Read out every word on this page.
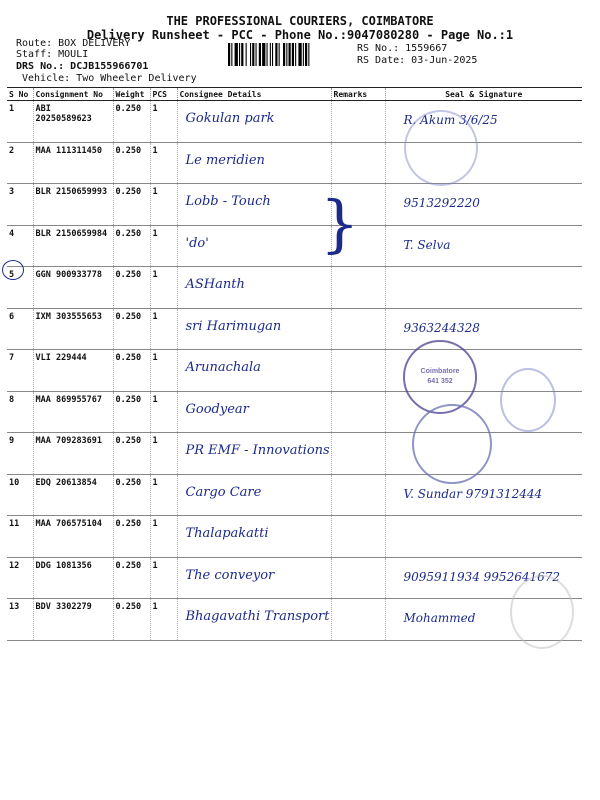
THE PROFESSIONAL COURIERS, COIMBATORE
Delivery Runsheet - PCC - Phone No.:9047080280 - Page No.:1
Route: BOX DELIVERY
Staff: MOULI
DRS No.: DCJB155966701
Vehicle: Two Wheeler Delivery
RS No.: 1559667
RS Date: 03-Jun-2025
S No	Consignment No	Weight	PCS	Consignee Details	Remarks	Seal & Signature
1	ABI 20250589623	0.250	1	Gokulan park		R. Akum 3/6/25

2	MAA 111311450	0.250	1	Le meridien		

3	BLR 2150659993	0.250	1	Lobb - Touch		9513292220

4	BLR 2150659984	0.250	1	'do'		T. Selva

5	GGN 900933778	0.250	1	ASHanth		

6	IXM 303555653	0.250	1	sri Harimugan		9363244328

7	VLI 229444	0.250	1	Arunachala		

8	MAA 869955767	0.250	1	Goodyear		

9	MAA 709283691	0.250	1	PR EMF - Innovations		

10	EDQ 20613854	0.250	1	Cargo Care		V. Sundar 9791312444

11	MAA 706575104	0.250	1	Thalapakatti		

12	DDG 1081356	0.250	1	The conveyor		9095911934 9952641672

13	BDV 3302279	0.250	1	Bhagavathi Transport		Mohammed
}
Coimbatore
641 352
